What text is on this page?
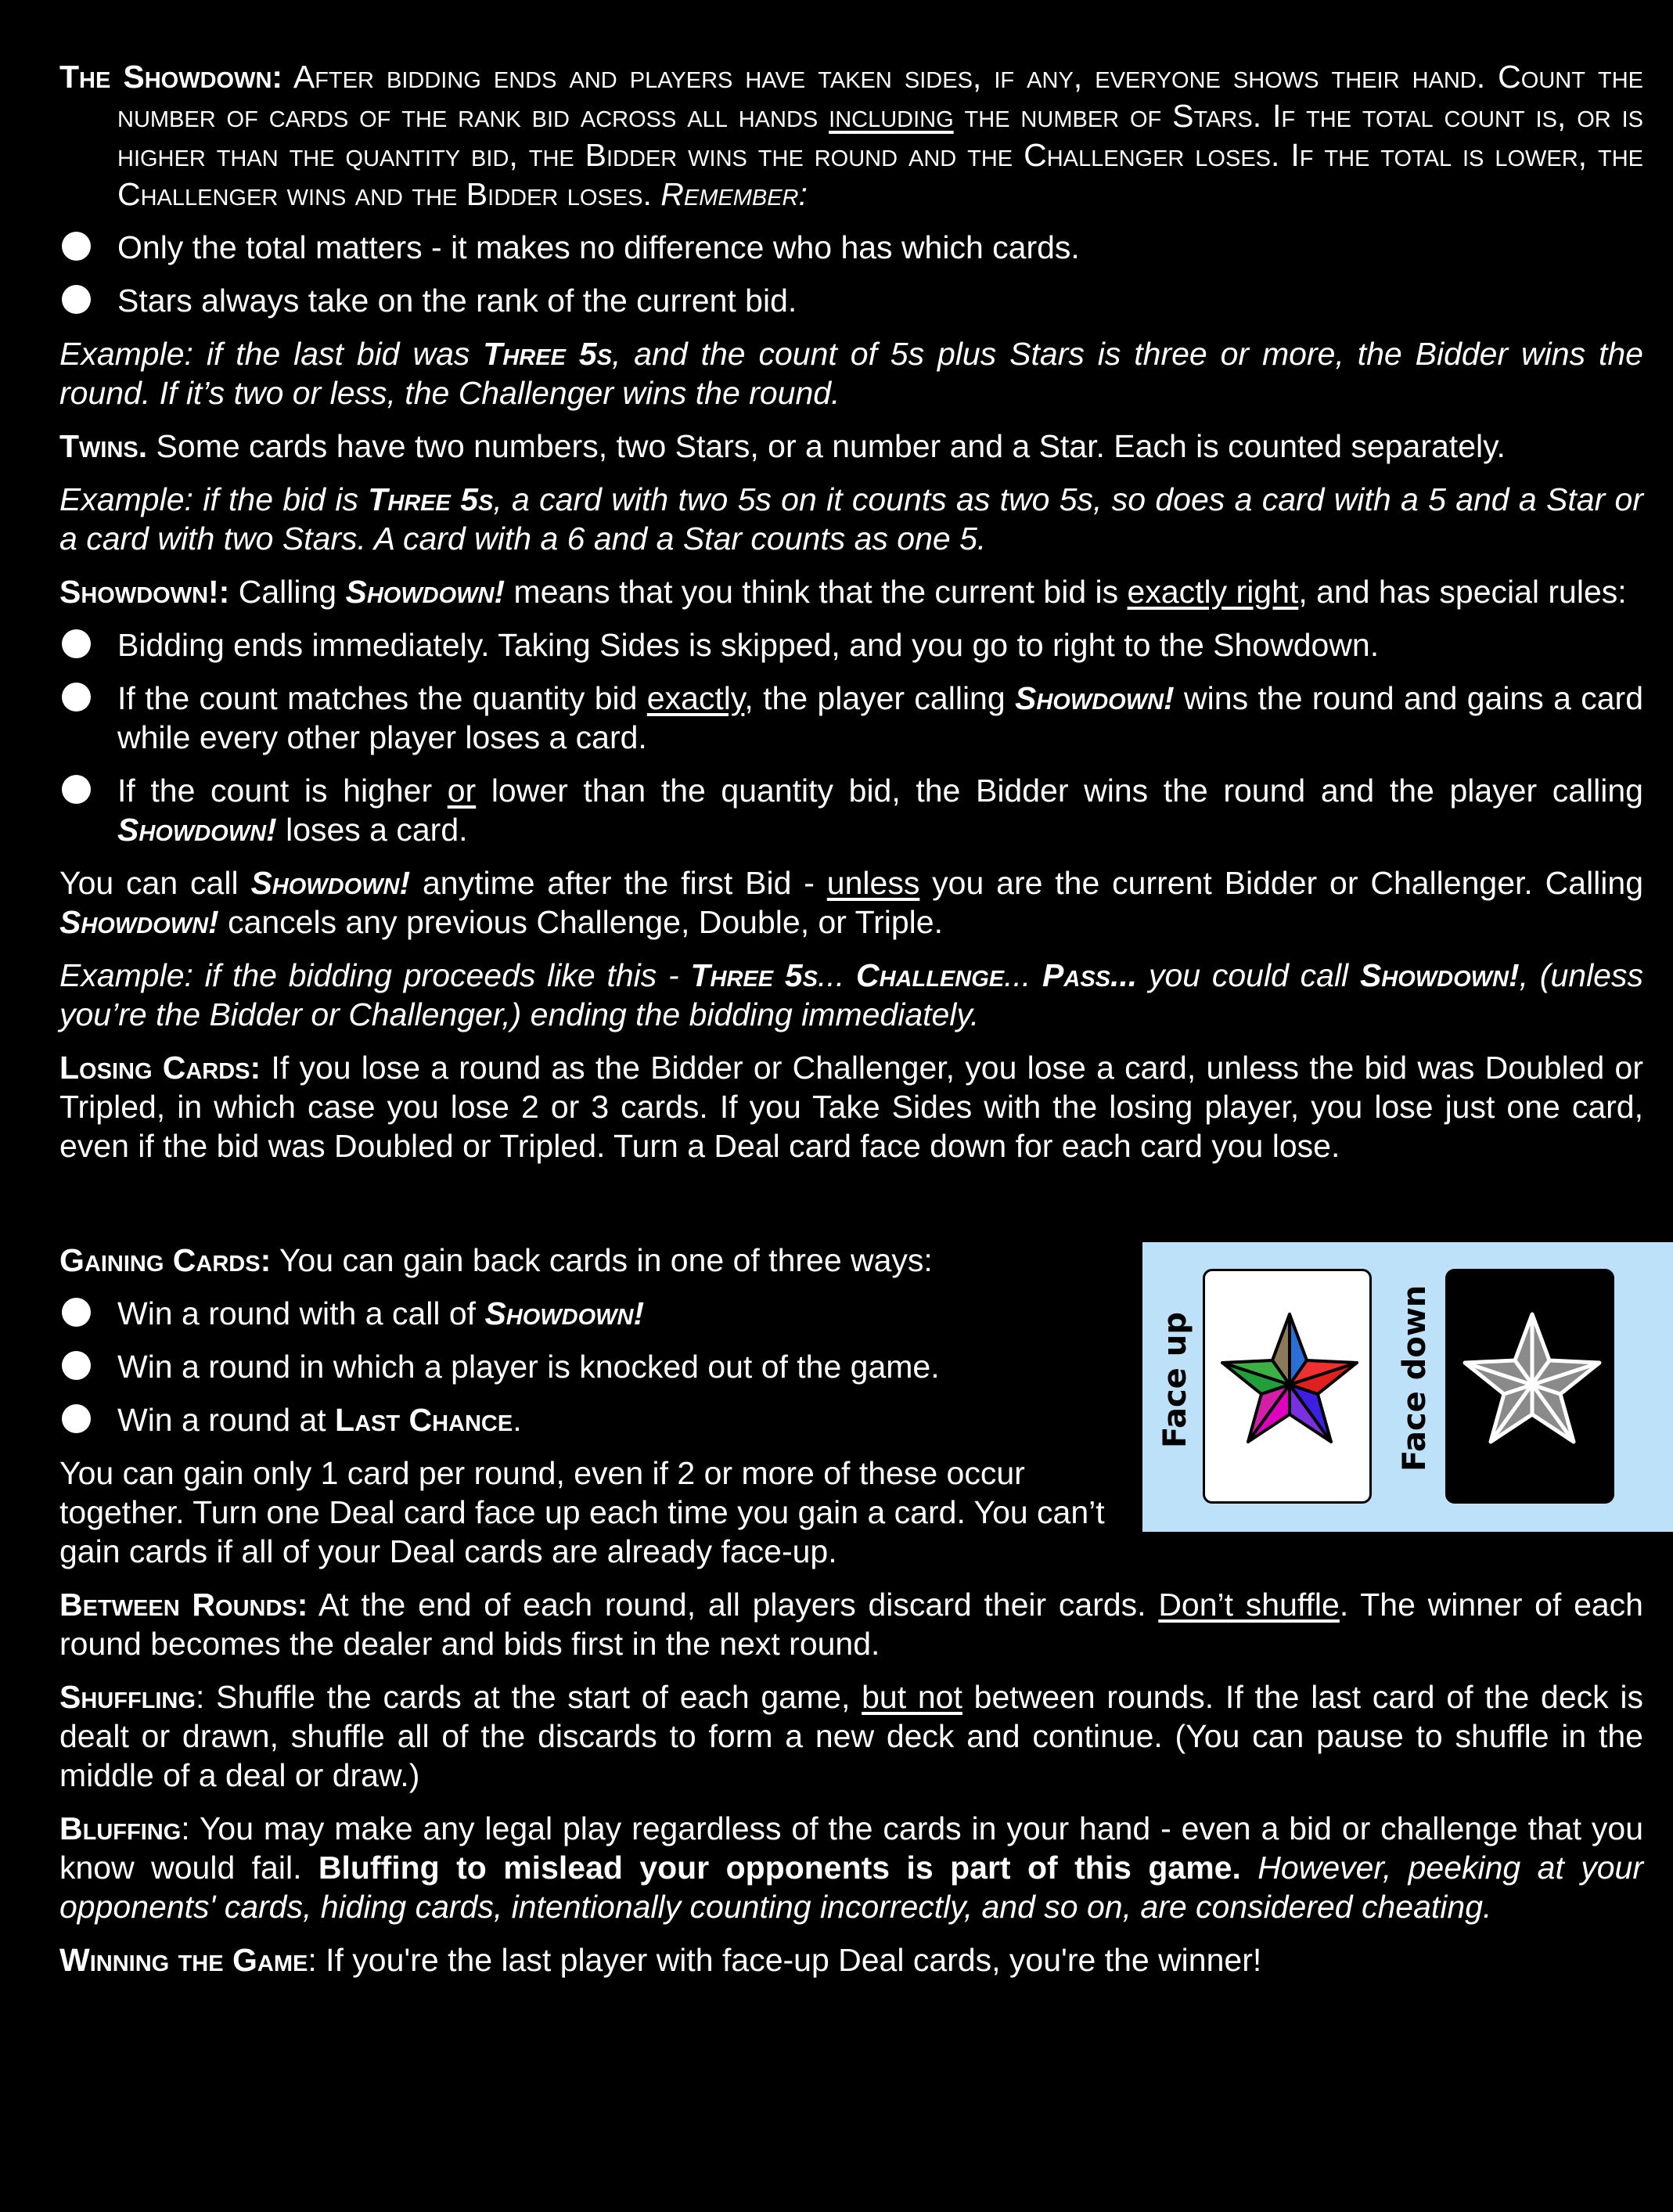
The Showdown: After bidding ends and players have taken sides, if any, everyone shows their hand. Count the number of cards of the rank bid across all hands including the number of Stars. If the total count is, or is higher than the quantity bid, the Bidder wins the round and the Challenger loses. If the total is lower, the Challenger wins and the Bidder loses. Remember:

Only the total matters - it makes no difference who has which cards.
Stars always take on the rank of the current bid.

Example: if the last bid was Three 5s, and the count of 5s plus Stars is three or more, the Bidder wins the round. If it’s two or less, the Challenger wins the round.

Twins. Some cards have two numbers, two Stars, or a number and a Star. Each is counted separately.

Example: if the bid is Three 5s, a card with two 5s on it counts as two 5s, so does a card with a 5 and a Star or a card with two Stars. A card with a 6 and a Star counts as one 5.

Showdown!: Calling Showdown! means that you think that the current bid is exactly right, and has special rules:

Bidding ends immediately. Taking Sides is skipped, and you go to right to the Showdown.
If the count matches the quantity bid exactly, the player calling Showdown! wins the round and gains a card while every other player loses a card.
If the count is higher or lower than the quantity bid, the Bidder wins the round and the player calling Showdown! loses a card.

You can call Showdown! anytime after the first Bid - unless you are the current Bidder or Challenger. Calling Showdown! cancels any previous Challenge, Double, or Triple.

Example: if the bidding proceeds like this - Three 5s... Challenge... Pass... you could call Showdown!, (unless you’re the Bidder or Challenger,) ending the bidding immediately.

Losing Cards: If you lose a round as the Bidder or Challenger, you lose a card, unless the bid was Doubled or Tripled, in which case you lose 2 or 3 cards. If you Take Sides with the losing player, you lose just one card, even if the bid was Doubled or Tripled. Turn a Deal card face down for each card you lose.

Gaining Cards: You can gain back cards in one of three ways:

Win a round with a call of Showdown!
Win a round in which a player is knocked out of the game.
Win a round at Last Chance.

You can gain only 1 card per round, even if 2 or more of these occur together. Turn one Deal card face up each time you gain a card. You can’t gain cards if all of your Deal cards are already face-up.

Between Rounds: At the end of each round, all players discard their cards. Don’t shuffle. The winner of each round becomes the dealer and bids first in the next round.

Shuffling: Shuffle the cards at the start of each game, but not between rounds. If the last card of the deck is dealt or drawn, shuffle all of the discards to form a new deck and continue. (You can pause to shuffle in the middle of a deal or draw.)

Bluffing: You may make any legal play regardless of the cards in your hand - even a bid or challenge that you know would fail. Bluffing to mislead your opponents is part of this game. However, peeking at your opponents' cards, hiding cards, intentionally counting incorrectly, and so on, are considered cheating.

Winning the Game: If you're the last player with face-up Deal cards, you're the winner!

Face up	Face down
